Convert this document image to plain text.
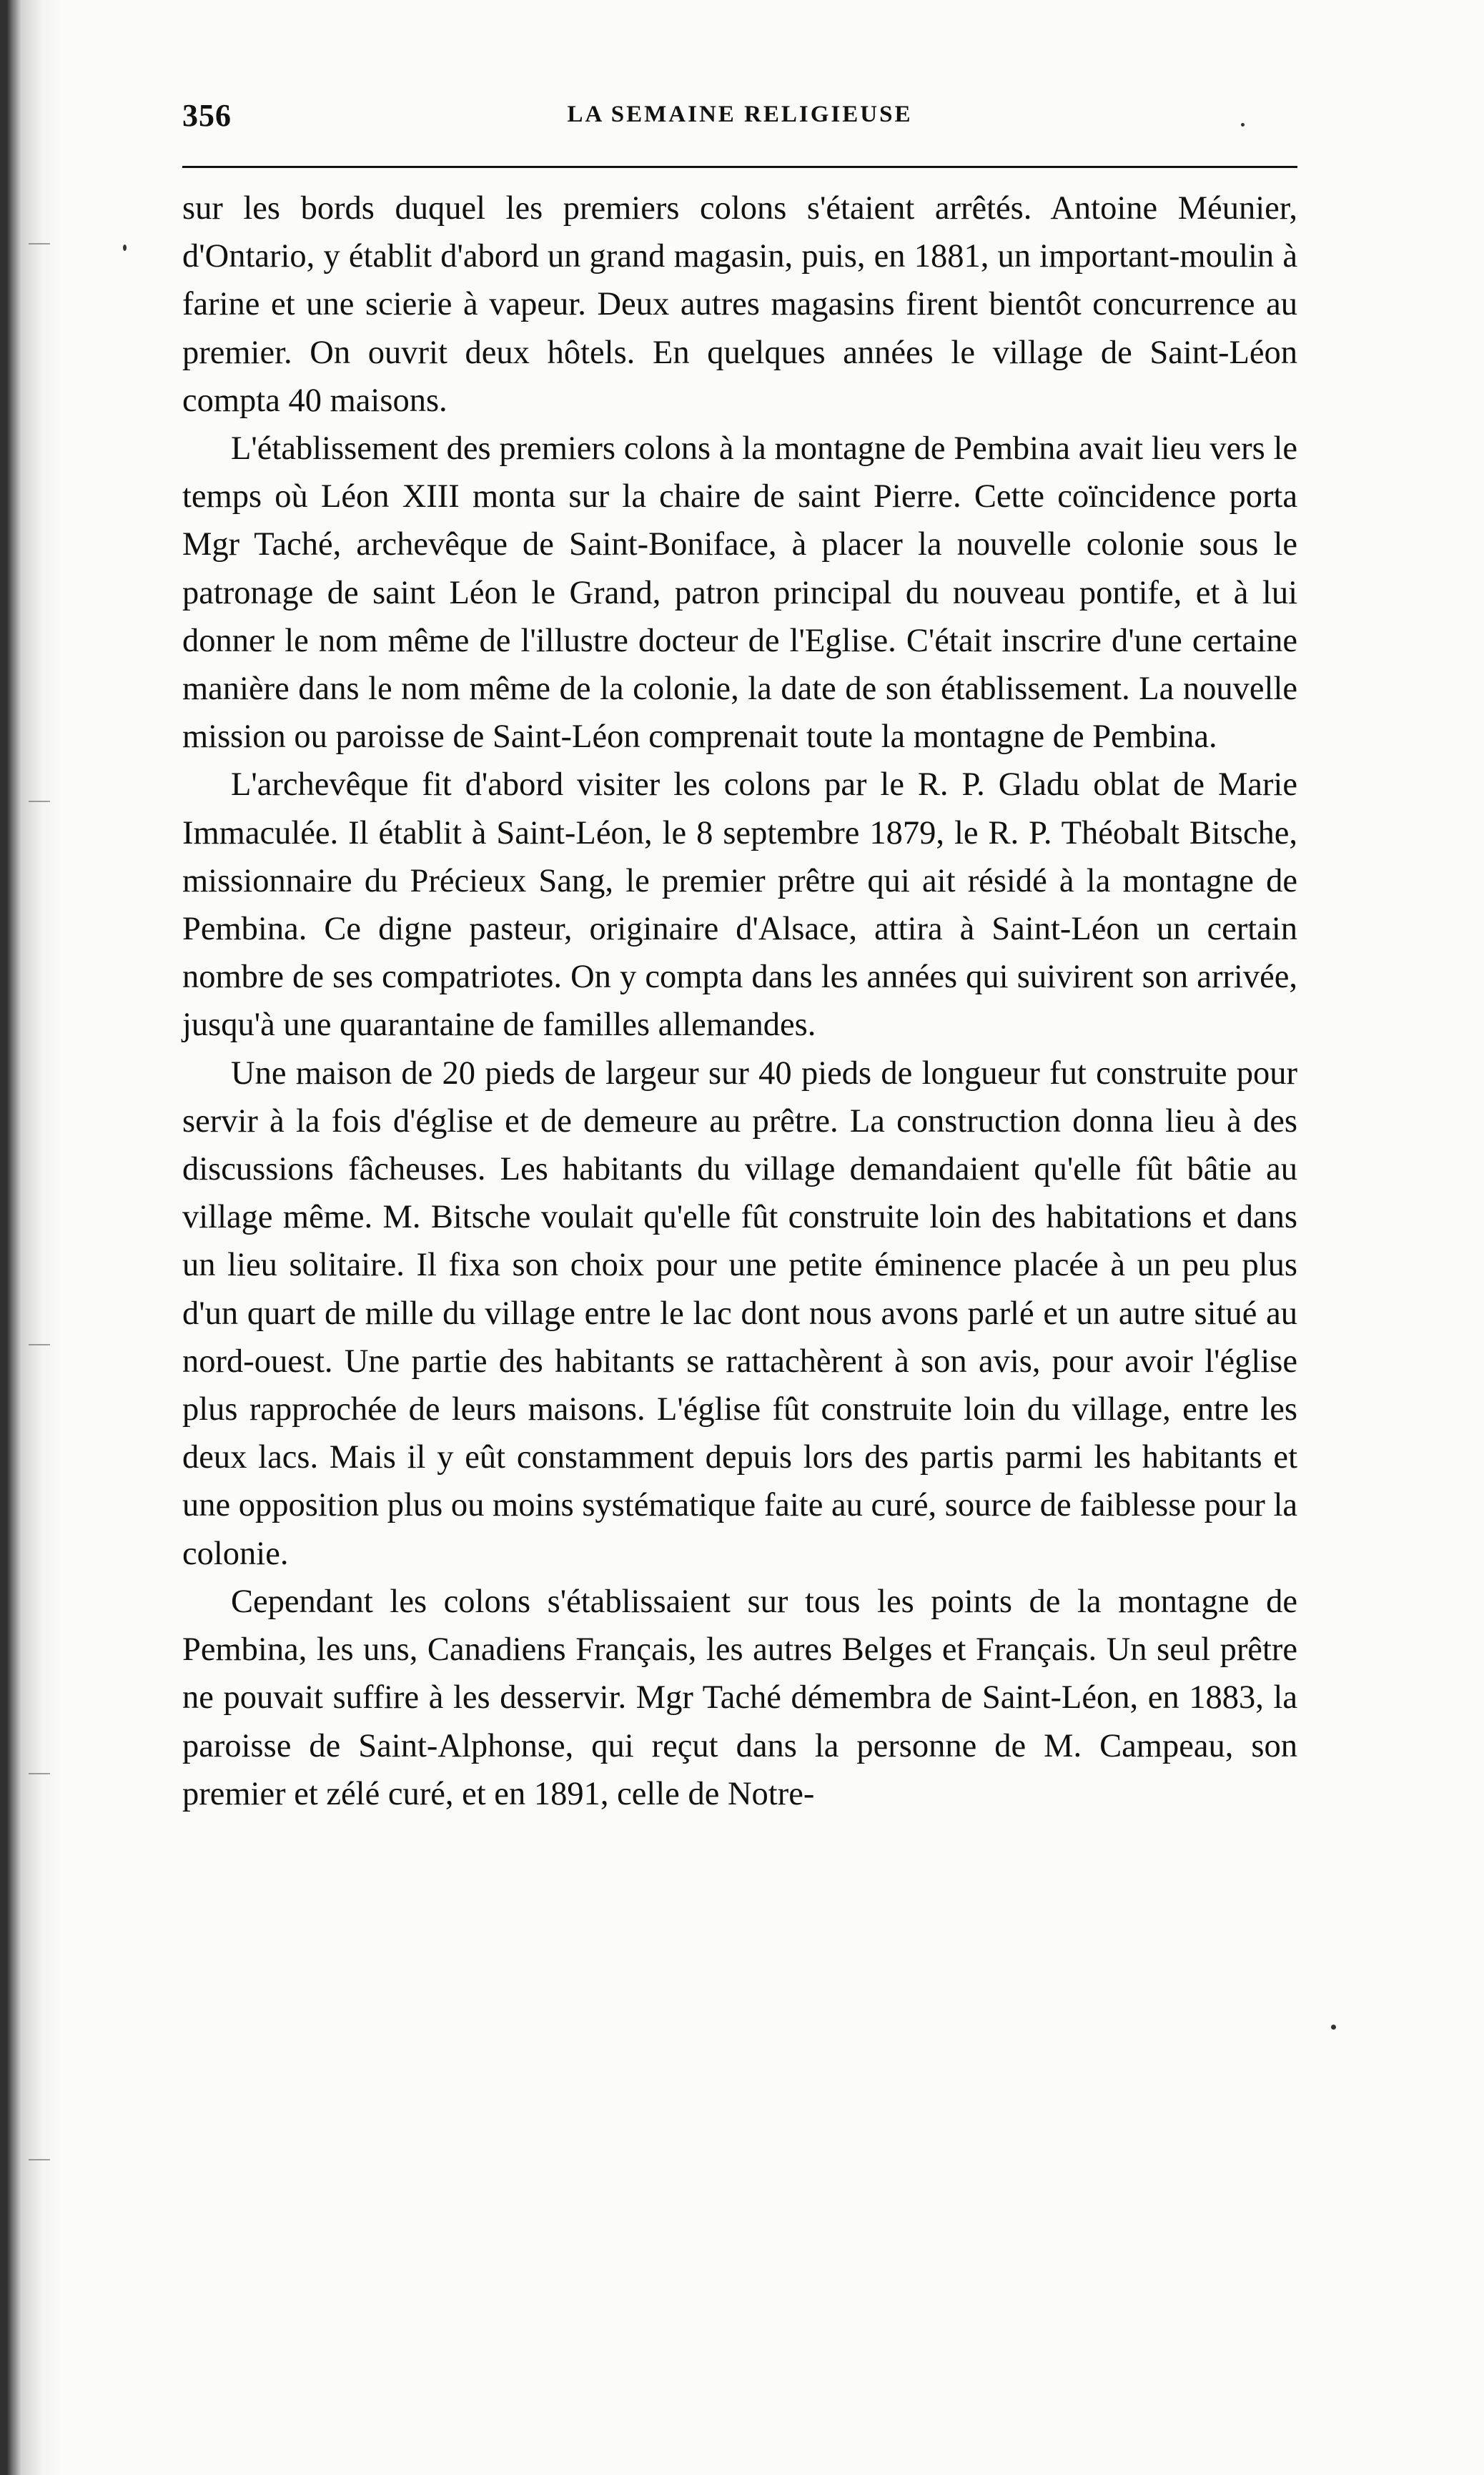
356	LA SEMAINE RELIGIEUSE

sur les bords duquel les premiers colons s'étaient arrêtés. Antoine Méunier, d'Ontario, y établit d'abord un grand magasin, puis, en 1881, un important-moulin à farine et une scierie à vapeur. Deux autres magasins firent bientôt concurrence au premier. On ouvrit deux hôtels. En quelques années le village de Saint-Léon compta 40 maisons.

L'établissement des premiers colons à la montagne de Pembina avait lieu vers le temps où Léon XIII monta sur la chaire de saint Pierre. Cette coïncidence porta Mgr Taché, archevêque de Saint-Boniface, à placer la nouvelle colonie sous le patronage de saint Léon le Grand, patron principal du nouveau pontife, et à lui donner le nom même de l'illustre docteur de l'Eglise. C'était inscrire d'une certaine manière dans le nom même de la colonie, la date de son établissement. La nouvelle mission ou paroisse de Saint-Léon comprenait toute la montagne de Pembina.

L'archevêque fit d'abord visiter les colons par le R. P. Gladu oblat de Marie Immaculée. Il établit à Saint-Léon, le 8 septembre 1879, le R. P. Théobalt Bitsche, missionnaire du Précieux Sang, le premier prêtre qui ait résidé à la montagne de Pembina. Ce digne pasteur, originaire d'Alsace, attira à Saint-Léon un certain nombre de ses compatriotes. On y compta dans les années qui suivirent son arrivée, jusqu'à une quarantaine de familles allemandes.

Une maison de 20 pieds de largeur sur 40 pieds de longueur fut construite pour servir à la fois d'église et de demeure au prêtre. La construction donna lieu à des discussions fâcheuses. Les habitants du village demandaient qu'elle fût bâtie au village même. M. Bitsche voulait qu'elle fût construite loin des habitations et dans un lieu solitaire. Il fixa son choix pour une petite éminence placée à un peu plus d'un quart de mille du village entre le lac dont nous avons parlé et un autre situé au nord-ouest. Une partie des habitants se rattachèrent à son avis, pour avoir l'église plus rapprochée de leurs maisons. L'église fût construite loin du village, entre les deux lacs. Mais il y eût constamment depuis lors des partis parmi les habitants et une opposition plus ou moins systématique faite au curé, source de faiblesse pour la colonie.

Cependant les colons s'établissaient sur tous les points de la montagne de Pembina, les uns, Canadiens Français, les autres Belges et Français. Un seul prêtre ne pouvait suffire à les desservir. Mgr Taché démembra de Saint-Léon, en 1883, la paroisse de Saint-Alphonse, qui reçut dans la personne de M. Campeau, son premier et zélé curé, et en 1891, celle de Notre-
